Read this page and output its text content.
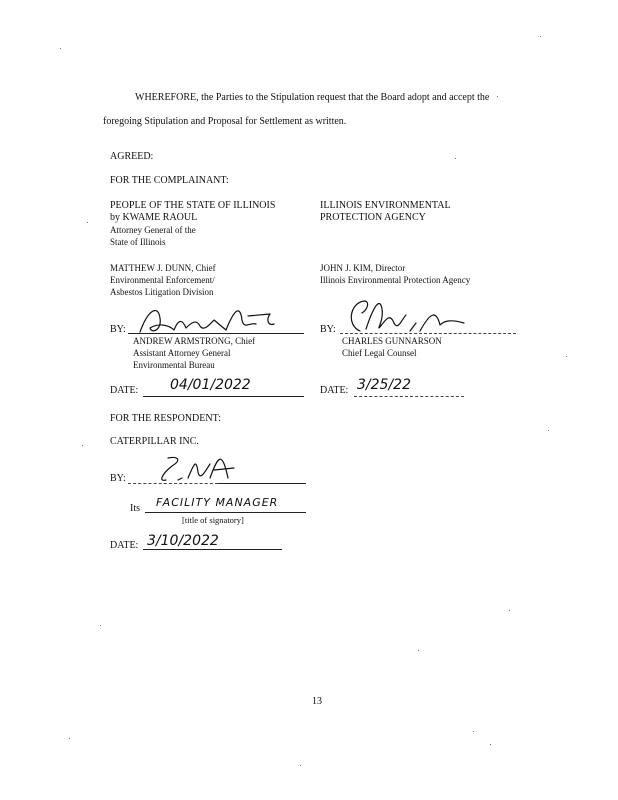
WHEREFORE, the Parties to the Stipulation request that the Board adopt and accept the
foregoing Stipulation and Proposal for Settlement as written.
AGREED:
FOR THE COMPLAINANT:
PEOPLE OF THE STATE OF ILLINOIS
by KWAME RAOUL
Attorney General of the
State of Illinois
ILLINOIS ENVIRONMENTAL
PROTECTION AGENCY
MATTHEW J. DUNN, Chief
Environmental Enforcement/
Asbestos Litigation Division
JOHN J. KIM, Director
Illinois Environmental Protection Agency
BY:
ANDREW ARMSTRONG, Chief
Assistant Attorney General
Environmental Bureau
DATE: 04/01/2022
BY:
CHARLES GUNNARSON
Chief Legal Counsel
DATE: 3/25/22
FOR THE RESPONDENT:
CATERPILLAR INC.
BY:
Its FACILITY MANAGER
[title of signatory]
DATE: 3/10/2022
13
